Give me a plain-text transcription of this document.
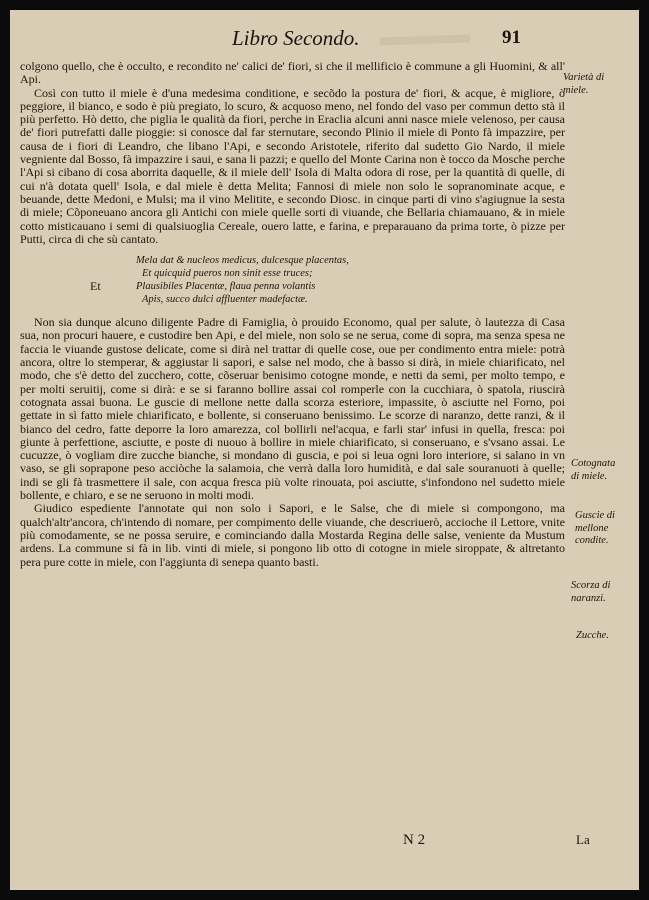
Libro Secondo.	91

colgono quello, che è occulto, e recondito ne' calici de' fiori, si che il mellificio è commune a gli Huomini, & all' Api.

Così con tutto il miele è d'una medesima conditione, e secõdo la postura de' fiori, & acque, è migliore, ò peggiore, il bianco, e sodo è più pregiato, lo scuro, & acquoso meno, nel fondo del vaso per commun detto stà il più perfetto. Hò detto, che piglia le qualità da fiori, perche in Eraclia alcuni anni nasce miele velenoso, per causa de' fiori putrefatti dalle pioggie: si conosce dal far sternutare, secondo Plinio il miele di Ponto fà impazzire, per causa de i fiori di Leandro, che libano l'Api, e secondo Aristotele, riferito dal sudetto Gio Nardo, il miele vegniente dal Bosso, fà impazzire i saui, e sana li pazzi; e quello del Monte Carina non è tocco da Mosche perche l'Api si cibano di cosa aborrita daquelle, & il miele dell' Isola di Malta odora di rose, per la quantità di quelle, di cui n'à dotata quell' Isola, e dal miele è detta Melita; Fannosi di miele non solo le sopranominate acque, e beuande, dette Medoni, e Mulsi; ma il vino Melitite, e secondo Diosc. in cinque parti di vino s'agiugnue la sesta di miele; Cõponeuano ancora gli Antichi con miele quelle sorti di viuande, che Bellaria chiamauano, & in miele cotto misticauano i semi di qualsiuoglia Cereale, ouero latte, e farina, e preparauano da prima torte, ò pizze per Putti, circa di che sù cantato.

Mela dat & nucleos medicus, dulcesque placentas,
Et quicquid pueros non sinit esse truces;
Et	Plausibiles Placentæ, flaua penna volantis
Apis, succo dulci affluenter madefactæ.

Non sia dunque alcuno diligente Padre di Famiglia, ò prouido Economo, qual per salute, ò lautezza di Casa sua, non procuri hauere, e custodire ben Api, e del miele, non solo se ne serua, come di sopra, ma senza spesa ne faccia le viuande gustose delicate, come si dirà nel trattar di quelle cose, oue per condimento entra miele: potrà ancora, oltre lo stemperar, & aggiustar li sapori, e salse nel modo, che à basso si dirà, in miele chiarificato, nel modo, che s'è detto del zucchero, cotte, cõseruar benisimo cotogne monde, e netti da semi, per molto tempo, e per molti seruitij, come si dirà: e se si faranno bollire assai col romperle con la cucchiara, ò spatola, riuscirà cotognata assai buona. Le guscie di mellone nette dalla scorza esteriore, impassite, ò asciutte nel Forno, poi gettate in sì fatto miele chiarificato, e bollente, si conseruano benissimo. Le scorze di naranzo, dette ranzi, & il bianco del cedro, fatte deporre la loro amarezza, col bollirli nel'acqua, e farli star' infusi in quella, fresca: poi giunte à perfettione, asciutte, e poste di nuouo à bollire in miele chiarificato, si conseruano, e s'vsano assai. Le cucuzze, ò vogliam dire zucche bianche, si mondano di guscia, e poi si leua ogni loro interiore, si salano in vn vaso, se gli soprapone peso acciòche la salamoia, che verrà dalla loro humidità, e dal sale souranuoti à quelle; indi se gli fà trasmettere il sale, con acqua fresca più volte rinouata, poi asciutte, s'infondono nel sudetto miele bollente, e chiaro, e se ne seruono in molti modi.

Giudico espediente l'annotate qui non solo i Sapori, e le Salse, che di miele si compongono, ma qualch'altr'ancora, ch'intendo di nomare, per compimento delle viuande, che descriuerò, accioche il Lettore, vnite più comodamente, se ne possa seruire, e cominciando dalla Mostarda Regina delle salse, veniente da Mustum ardens. La commune si fà in lib. vinti di miele, si pongono lib otto di cotogne in miele siroppate, & altretanto pera pure cotte in miele, con l'aggiunta di senepa quanto basti.

Varietà di miele.
Cotognata di miele.
Guscie di mellone condite.
Scorza di naranzi.
Zucche.
N 2	La
